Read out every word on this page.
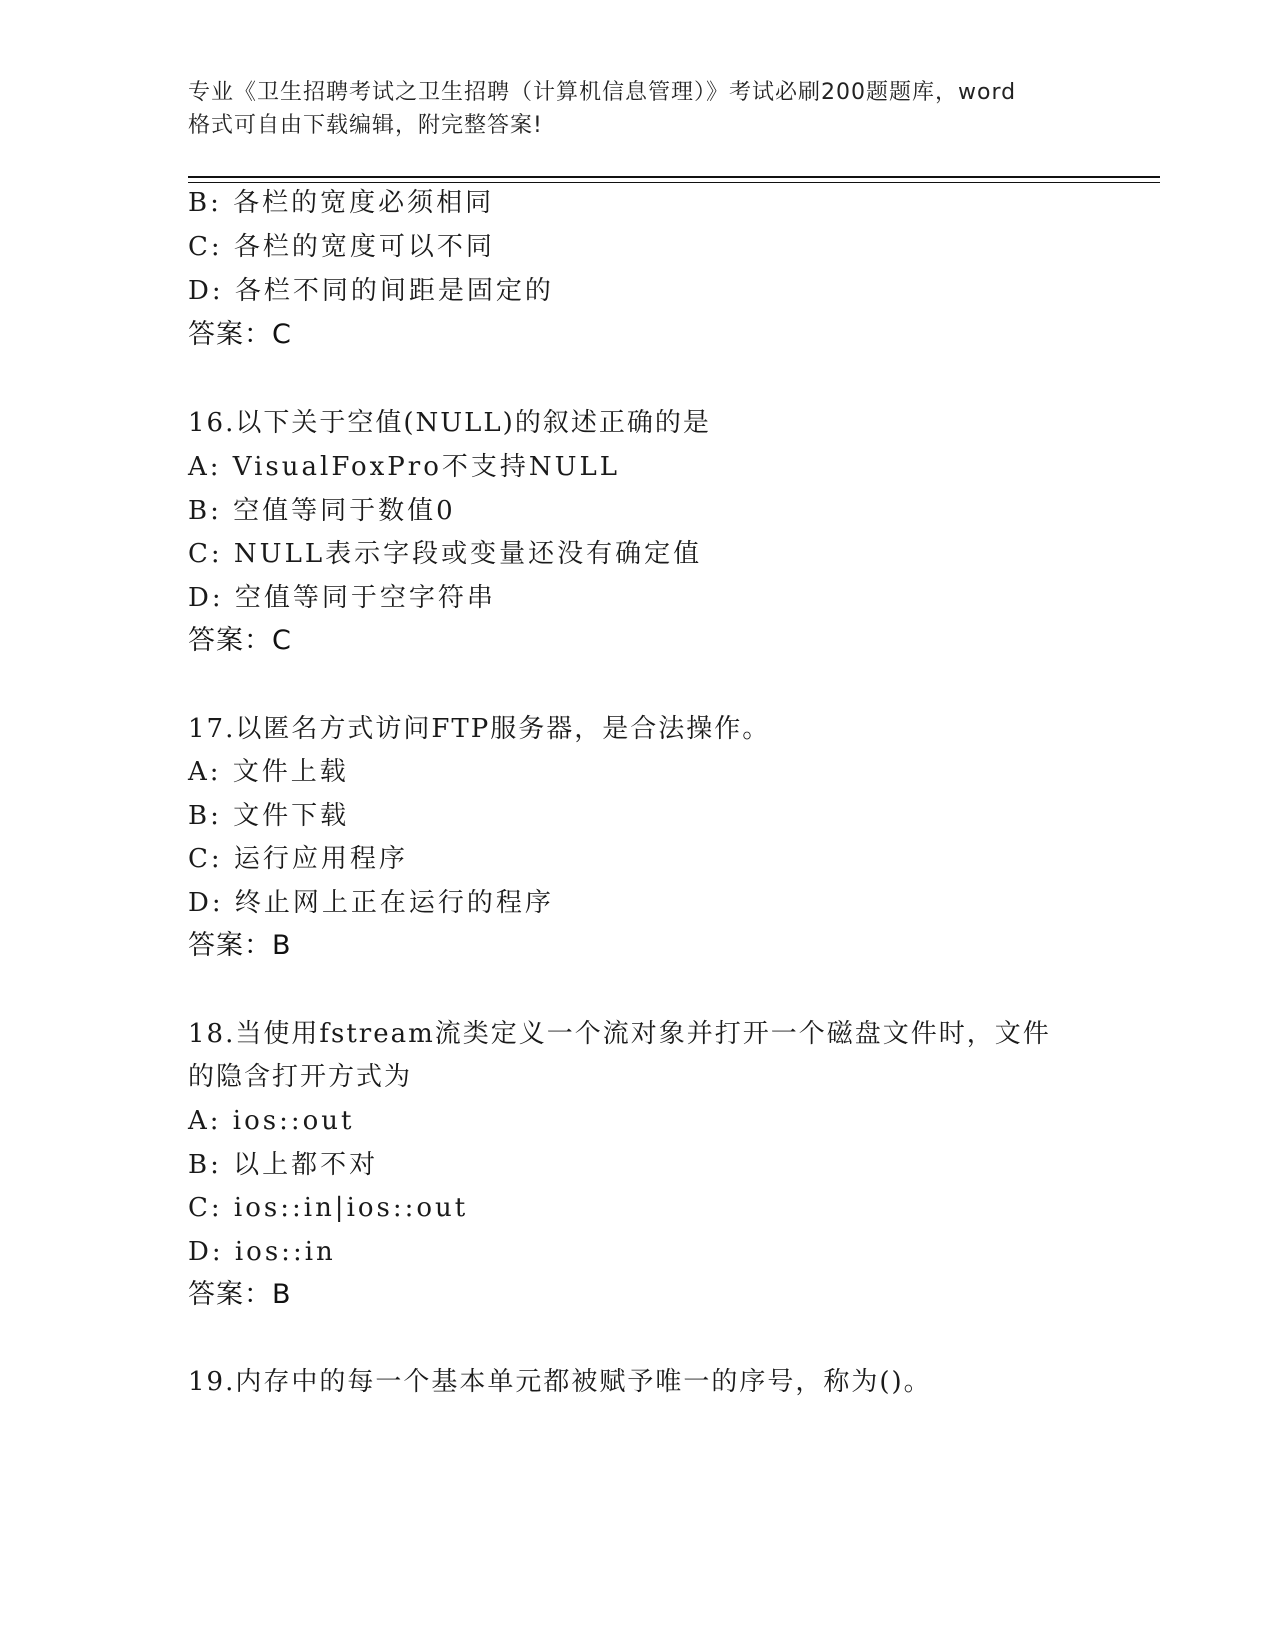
专业《卫生招聘考试之卫生招聘（计算机信息管理）》考试必刷200题题库，word
格式可自由下载编辑，附完整答案!
B: 各栏的宽度必须相同
C: 各栏的宽度可以不同
D: 各栏不同的间距是固定的
答案：C
16.以下关于空值(NULL)的叙述正确的是
A: VisualFoxPro不支持NULL
B: 空值等同于数值0
C: NULL表示字段或变量还没有确定值
D: 空值等同于空字符串
答案：C
17.以匿名方式访问FTP服务器，是合法操作。
A: 文件上载
B: 文件下载
C: 运行应用程序
D: 终止网上正在运行的程序
答案：B
18.当使用fstream流类定义一个流对象并打开一个磁盘文件时，文件
的隐含打开方式为
A: ios::out
B: 以上都不对
C: ios::in|ios::out
D: ios::in
答案：B
19.内存中的每一个基本单元都被赋予唯一的序号，称为()。
